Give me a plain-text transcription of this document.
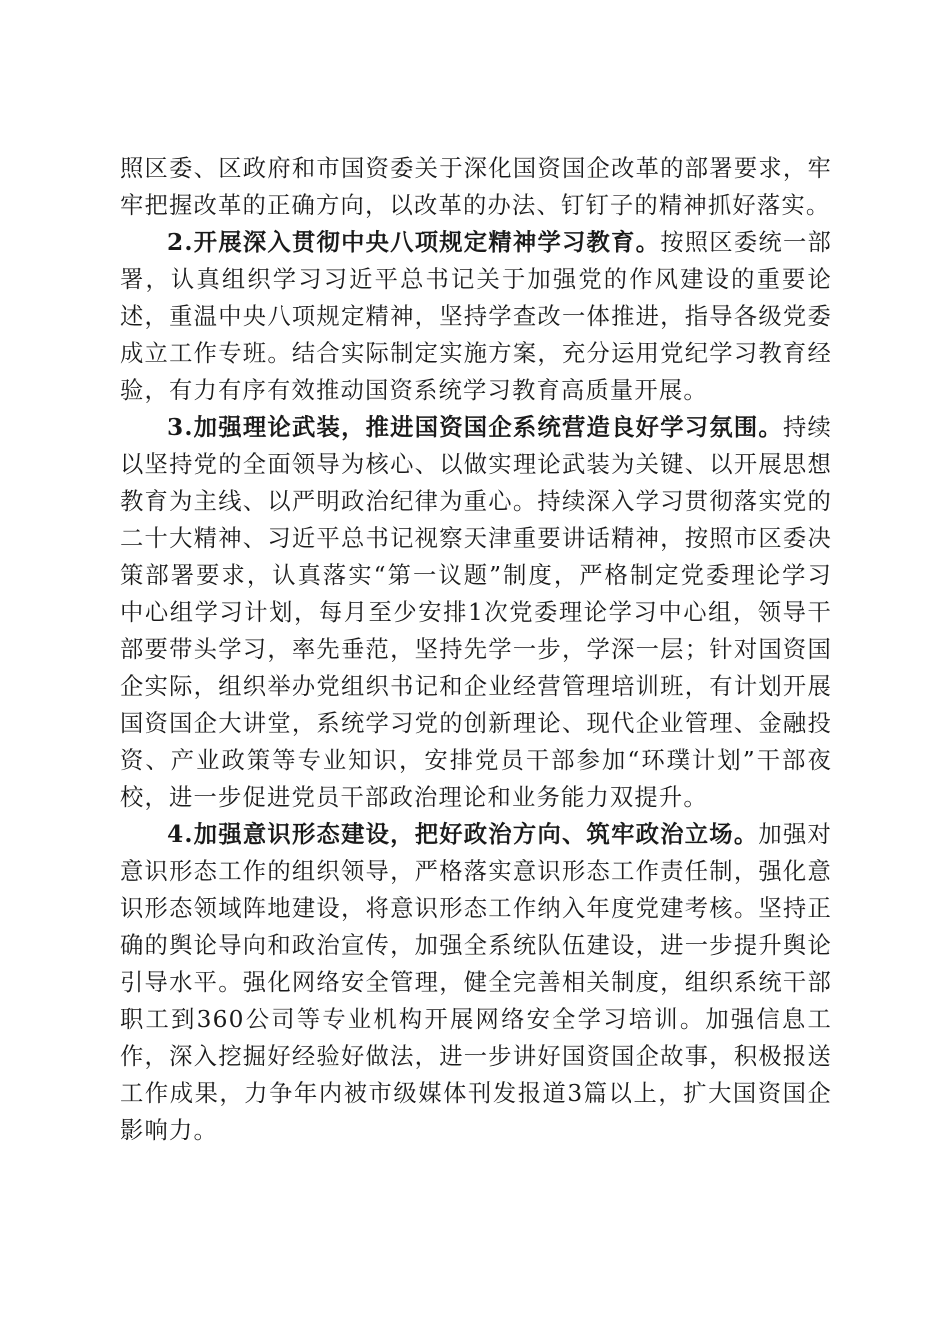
照区委、区政府和市国资委关于深化国资国企改革的部署要求，牢牢把握改革的正确方向，以改革的办法、钉钉子的精神抓好落实。

2.开展深入贯彻中央八项规定精神学习教育。按照区委统一部署，认真组织学习习近平总书记关于加强党的作风建设的重要论述，重温中央八项规定精神，坚持学查改一体推进，指导各级党委成立工作专班。结合实际制定实施方案，充分运用党纪学习教育经验，有力有序有效推动国资系统学习教育高质量开展。

3.加强理论武装，推进国资国企系统营造良好学习氛围。持续以坚持党的全面领导为核心、以做实理论武装为关键、以开展思想教育为主线、以严明政治纪律为重心。持续深入学习贯彻落实党的二十大精神、习近平总书记视察天津重要讲话精神，按照市区委决策部署要求，认真落实“第一议题”制度，严格制定党委理论学习中心组学习计划，每月至少安排1次党委理论学习中心组，领导干部要带头学习，率先垂范，坚持先学一步，学深一层；针对国资国企实际，组织举办党组织书记和企业经营管理培训班，有计划开展国资国企大讲堂，系统学习党的创新理论、现代企业管理、金融投资、产业政策等专业知识，安排党员干部参加“环璞计划”干部夜校，进一步促进党员干部政治理论和业务能力双提升。

4.加强意识形态建设，把好政治方向、筑牢政治立场。加强对意识形态工作的组织领导，严格落实意识形态工作责任制，强化意识形态领域阵地建设，将意识形态工作纳入年度党建考核。坚持正确的舆论导向和政治宣传，加强全系统队伍建设，进一步提升舆论引导水平。强化网络安全管理，健全完善相关制度，组织系统干部职工到360公司等专业机构开展网络安全学习培训。加强信息工作，深入挖掘好经验好做法，进一步讲好国资国企故事，积极报送工作成果，力争年内被市级媒体刊发报道3篇以上，扩大国资国企影响力。
